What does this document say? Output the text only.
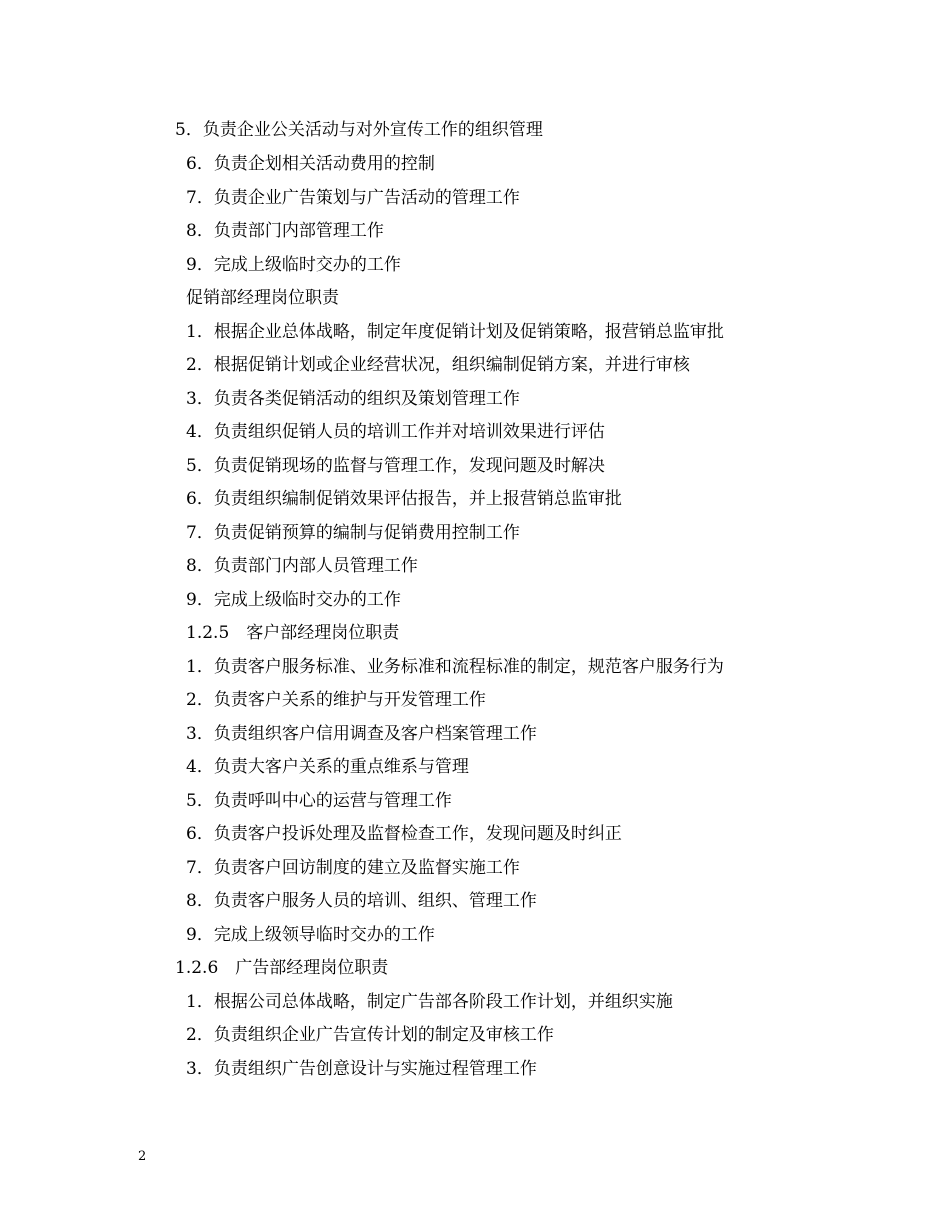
5．负责企业公关活动与对外宣传工作的组织管理
6．负责企划相关活动费用的控制
7．负责企业广告策划与广告活动的管理工作
8．负责部门内部管理工作
9．完成上级临时交办的工作
促销部经理岗位职责
1．根据企业总体战略，制定年度促销计划及促销策略，报营销总监审批
2．根据促销计划或企业经营状况，组织编制促销方案，并进行审核
3．负责各类促销活动的组织及策划管理工作
4．负责组织促销人员的培训工作并对培训效果进行评估
5．负责促销现场的监督与管理工作，发现问题及时解决
6．负责组织编制促销效果评估报告，并上报营销总监审批
7．负责促销预算的编制与促销费用控制工作
8．负责部门内部人员管理工作
9．完成上级临时交办的工作
1.2.5　客户部经理岗位职责
1．负责客户服务标准、业务标准和流程标准的制定，规范客户服务行为
2．负责客户关系的维护与开发管理工作
3．负责组织客户信用调查及客户档案管理工作
4．负责大客户关系的重点维系与管理
5．负责呼叫中心的运营与管理工作
6．负责客户投诉处理及监督检查工作，发现问题及时纠正
7．负责客户回访制度的建立及监督实施工作
8．负责客户服务人员的培训、组织、管理工作
9．完成上级领导临时交办的工作
1.2.6　广告部经理岗位职责
1．根据公司总体战略，制定广告部各阶段工作计划，并组织实施
2．负责组织企业广告宣传计划的制定及审核工作
3．负责组织广告创意设计与实施过程管理工作
2
